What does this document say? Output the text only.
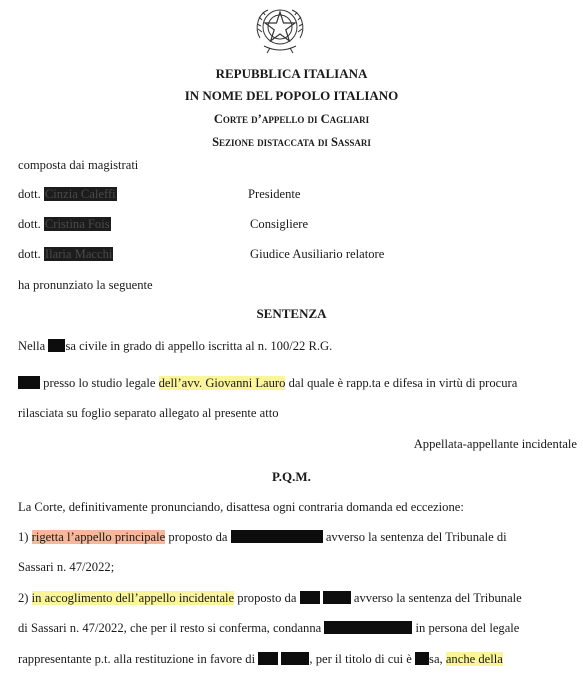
REPUBBLICA ITALIANA
IN NOME DEL POPOLO ITALIANO
Corte d’appello di Cagliari
Sezione distaccata di Sassari
composta dai magistrati
dott. Cinzia Caleffi	Presidente
dott. Cristina Fois	Consigliere
dott. Ilaria Macchi	Giudice Ausiliario relatore
ha pronunziato la seguente
SENTENZA
Nella sa civile in grado di appello iscritta al n. 100/22 R.G.
presso lo studio legale dell’avv. Giovanni Lauro dal quale è rapp.ta e difesa in virtù di procura
rilasciata su foglio separato allegato al presente atto
Appellata-appellante incidentale
P.Q.M.
La Corte, definitivamente pronunciando, disattesa ogni contraria domanda ed eccezione:
1) rigetta l’appello principale proposto da	avverso la sentenza del Tribunale di
Sassari n. 47/2022;
2) in accoglimento dell’appello incidentale proposto da	avverso la sentenza del Tribunale
di Sassari n. 47/2022, che per il resto si conferma, condanna	in persona del legale
rappresentante p.t. alla restituzione in favore di	, per il titolo di cui è sa, anche della
